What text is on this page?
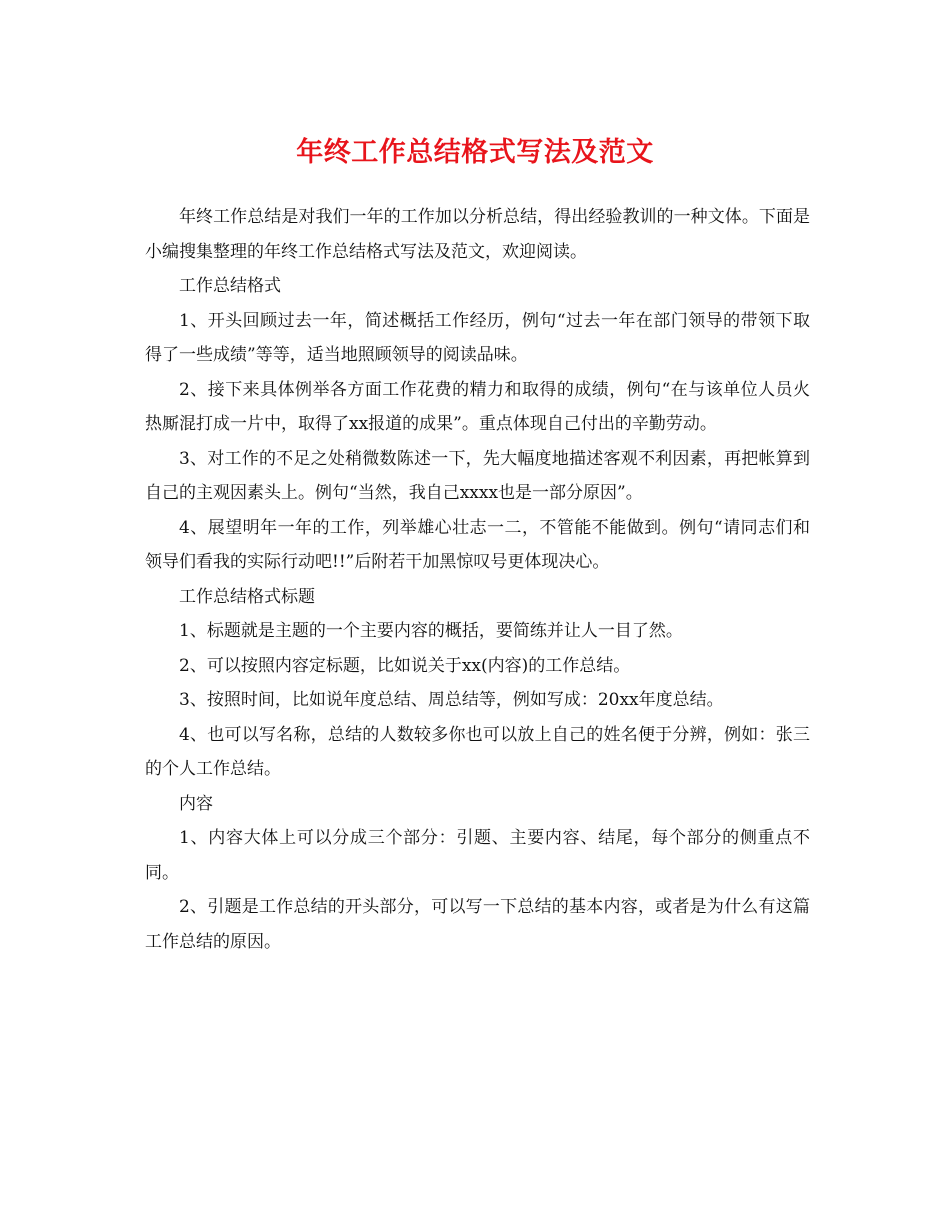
年终工作总结格式写法及范文

年终工作总结是对我们一年的工作加以分析总结，得出经验教训的一种文体。下面是小编搜集整理的年终工作总结格式写法及范文，欢迎阅读。

工作总结格式

1、开头回顾过去一年，简述概括工作经历，例句“过去一年在部门领导的带领下取得了一些成绩”等等，适当地照顾领导的阅读品味。

2、接下来具体例举各方面工作花费的精力和取得的成绩，例句“在与该单位人员火热厮混打成一片中，取得了xx报道的成果”。重点体现自己付出的辛勤劳动。

3、对工作的不足之处稍微数陈述一下，先大幅度地描述客观不利因素，再把帐算到自己的主观因素头上。例句“当然，我自己xxxx也是一部分原因”。

4、展望明年一年的工作，列举雄心壮志一二，不管能不能做到。例句“请同志们和领导们看我的实际行动吧!!”后附若干加黑惊叹号更体现决心。

工作总结格式标题

1、标题就是主题的一个主要内容的概括，要简练并让人一目了然。

2、可以按照内容定标题，比如说关于xx(内容)的工作总结。

3、按照时间，比如说年度总结、周总结等，例如写成：20xx年度总结。

4、也可以写名称，总结的人数较多你也可以放上自己的姓名便于分辨，例如：张三的个人工作总结。

内容

1、内容大体上可以分成三个部分：引题、主要内容、结尾，每个部分的侧重点不同。

2、引题是工作总结的开头部分，可以写一下总结的基本内容，或者是为什么有这篇工作总结的原因。
